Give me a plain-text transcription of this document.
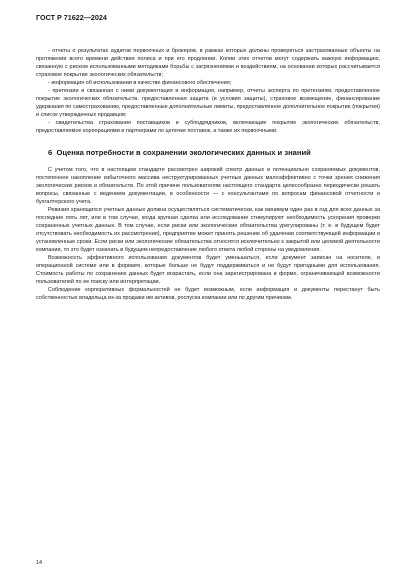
ГОСТ Р 71622—2024

- отчеты о результатах аудитов первоочных и брокеров, в рамках которых должны проверяться застрахованные объекты на протяжении всего времени действия полиса и при его продлении. Копии этих отчетов могут содержать важную информацию, связанную с риском использованными методиками борьбы с загрязнениями и воздействиям, на основании которых рассчитывается страховое покрытие экологических обязательств;

- информация об использовании в качестве финансового обеспечения;

- претензии и связанная с ними документация и информация, например, отчеты эксперта по претензиям, предоставленное покрытие экологических обязательств, предоставленная защита (и условия защиты), страховое возмещение, финансирование удержания по самострахованию, предоставленные дополнительные лимиты, предоставленное дополнительное покрытие (покрытия) и список утвержденных продавцов;

- свидетельства страхования поставщиков и субподрядчиков, включающие покрытие экологических обязательств, предоставляемое корпорациями и партнерами по цепочке поставок, а также их первоочными.

6 Оценка потребности в сохранении экологических данных и знаний

С учетом того, что в настоящем стандарте рассмотрен широкий спектр данных и потенциально сохраняемых документов, постепенное накопление избыточного массива неструктурированных учетных данных малоэффективно с точки зрения снижения экологических рисков и обязательств. По этой причине пользователям настоящего стандарта целесообразно периодически решать вопросы, связанные с ведением документации, в особенности — с консультантами по вопросам финансовой отчетности и бухгалтерского учета.

Ревизия хранящихся учетных данных должна осуществляться систематически, как минимум один раз в год для всех данных за последние пять лет, или в том случае, когда крупная сделка или исследование стимулируют необходимость ускорения проверки сохраненных учетных данных. В том случае, если риски или экологические обязательства урегулированы (т. е. в будущем будет отсутствовать необходимость их рассмотрения), предприятие может принять решение об удалении соответствующей информации в установленные сроки. Если риски или экологические обязательства относятся исключительно к закрытой или целевой деятельности компании, то это будет означать в будущем непредоставление любого ответа любой стороны на уведомления.

Возможность эффективного использования документов будет уменьшаться, если документ записан на носителе, в операционной системе или в формате, которые больше не будут поддерживаться и не будут пригодными для использования. Стоимость работы по сохранению данных будет возрастать, если она зарегистрирована в форме, ограничивающей возможности пользователей по ее поиску или интерпретации.

Соблюдение корпоративных формальностей не будет возможным, если информация и документы перестанут быть собственностью владельца из-за продажи им активов, роспуска компании или по другим причинам.

14
